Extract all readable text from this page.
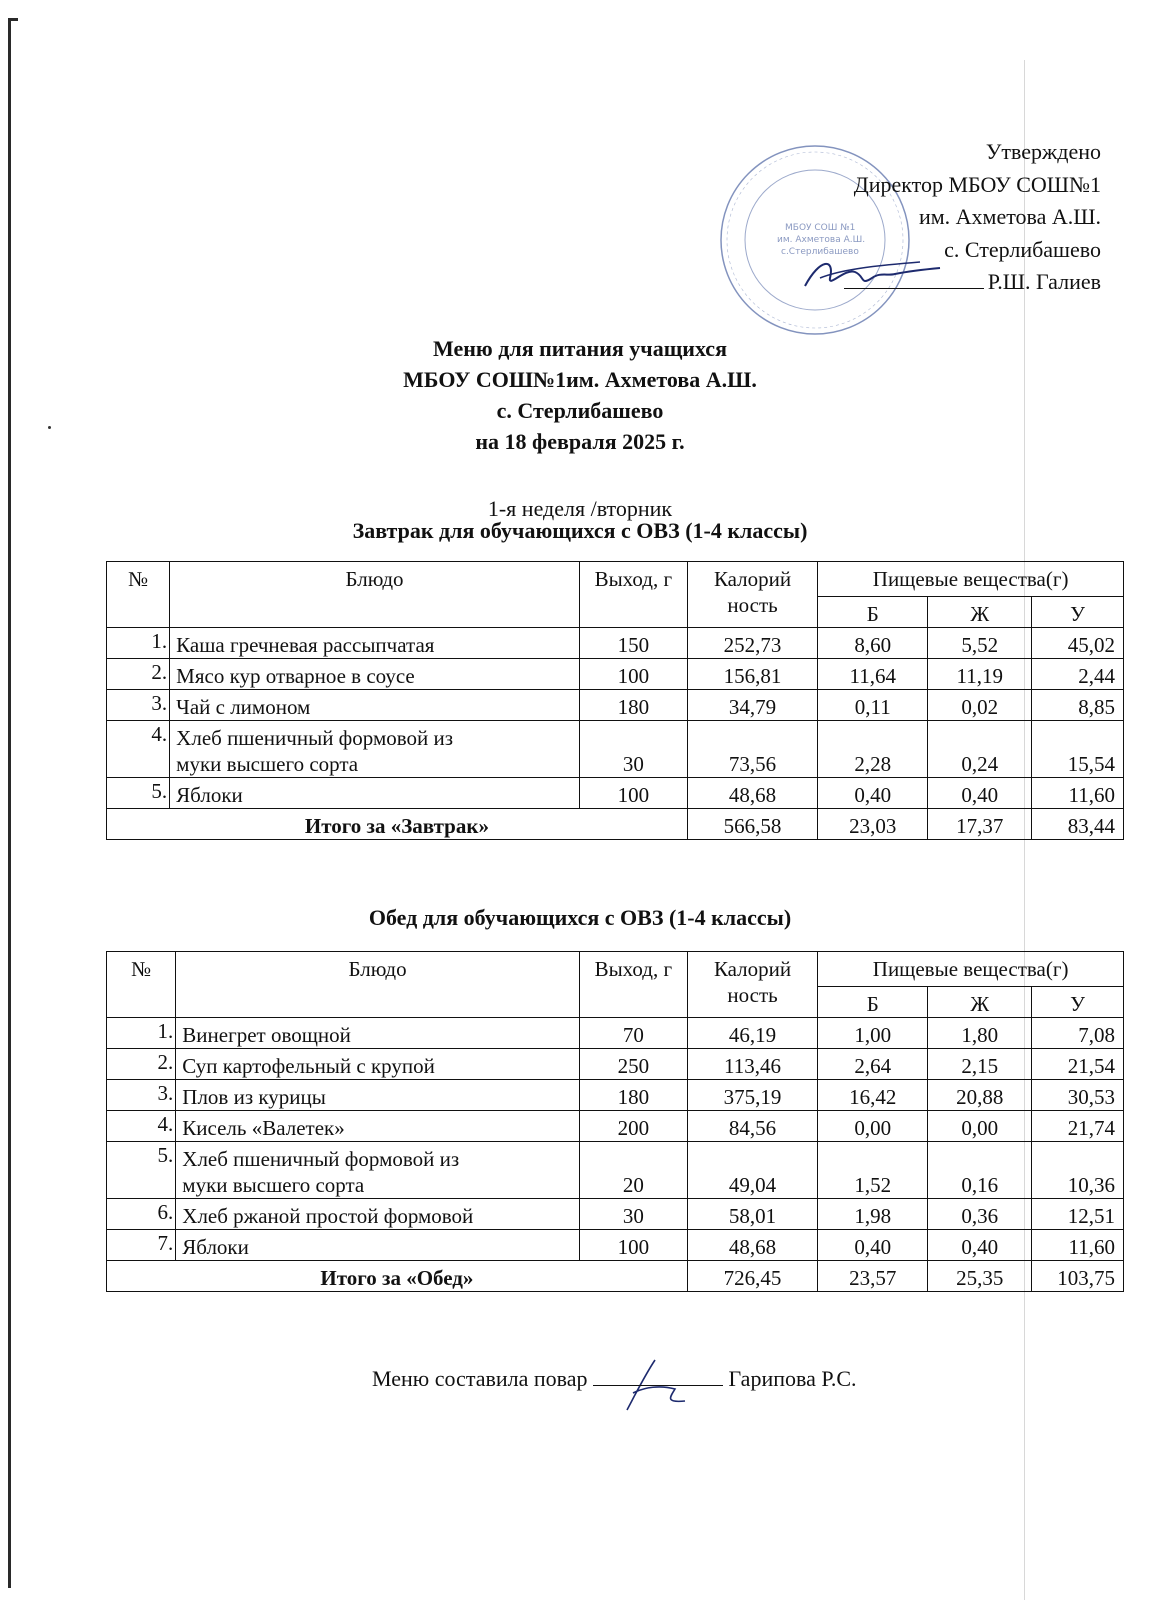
МБОУ СОШ №1
им. Ахметова А.Ш.
с.Стерлибашево
Утверждено
Директор МБОУ СОШ№1
им. Ахметова А.Ш.
с. Стерлибашево
Р.Ш. Галиев
Меню для питания учащихся
МБОУ СОШ№1им. Ахметова А.Ш.
с. Стерлибашево
на 18 февраля 2025 г.
1-я неделя /вторник
Завтрак для обучающихся с ОВЗ (1-4 классы)
№	Блюдо	Выход, г	Калорий ность	Пищевые вещества(г)		
				Б	Ж	У
1.	Каша гречневая рассыпчатая	150	252,73	8,60	5,52	45,02
2.	Мясо кур отварное в соусе	100	156,81	11,64	11,19	2,44
3.	Чай с лимоном	180	34,79	0,11	0,02	8,85
4.	Хлеб пшеничный формовой из
муки высшего сорта	30	73,56	2,28	0,24	15,54
5.	Яблоки	100	48,68	0,40	0,40	11,60
Итого за «Завтрак»			566,58	23,03	17,37	83,44
Обед для обучающихся с ОВЗ (1-4 классы)
№	Блюдо	Выход, г	Калорий ность	Пищевые вещества(г)		
				Б	Ж	У
1.	Винегрет овощной	70	46,19	1,00	1,80	7,08
2.	Суп картофельный с крупой	250	113,46	2,64	2,15	21,54
3.	Плов из курицы	180	375,19	16,42	20,88	30,53
4.	Кисель «Валетек»	200	84,56	0,00	0,00	21,74
5.	Хлеб пшеничный формовой из
муки высшего сорта	20	49,04	1,52	0,16	10,36
6.	Хлеб ржаной простой формовой	30	58,01	1,98	0,36	12,51
7.	Яблоки	100	48,68	0,40	0,40	11,60
Итого за «Обед»			726,45	23,57	25,35	103,75
Меню составила повар	Гарипова Р.С.
